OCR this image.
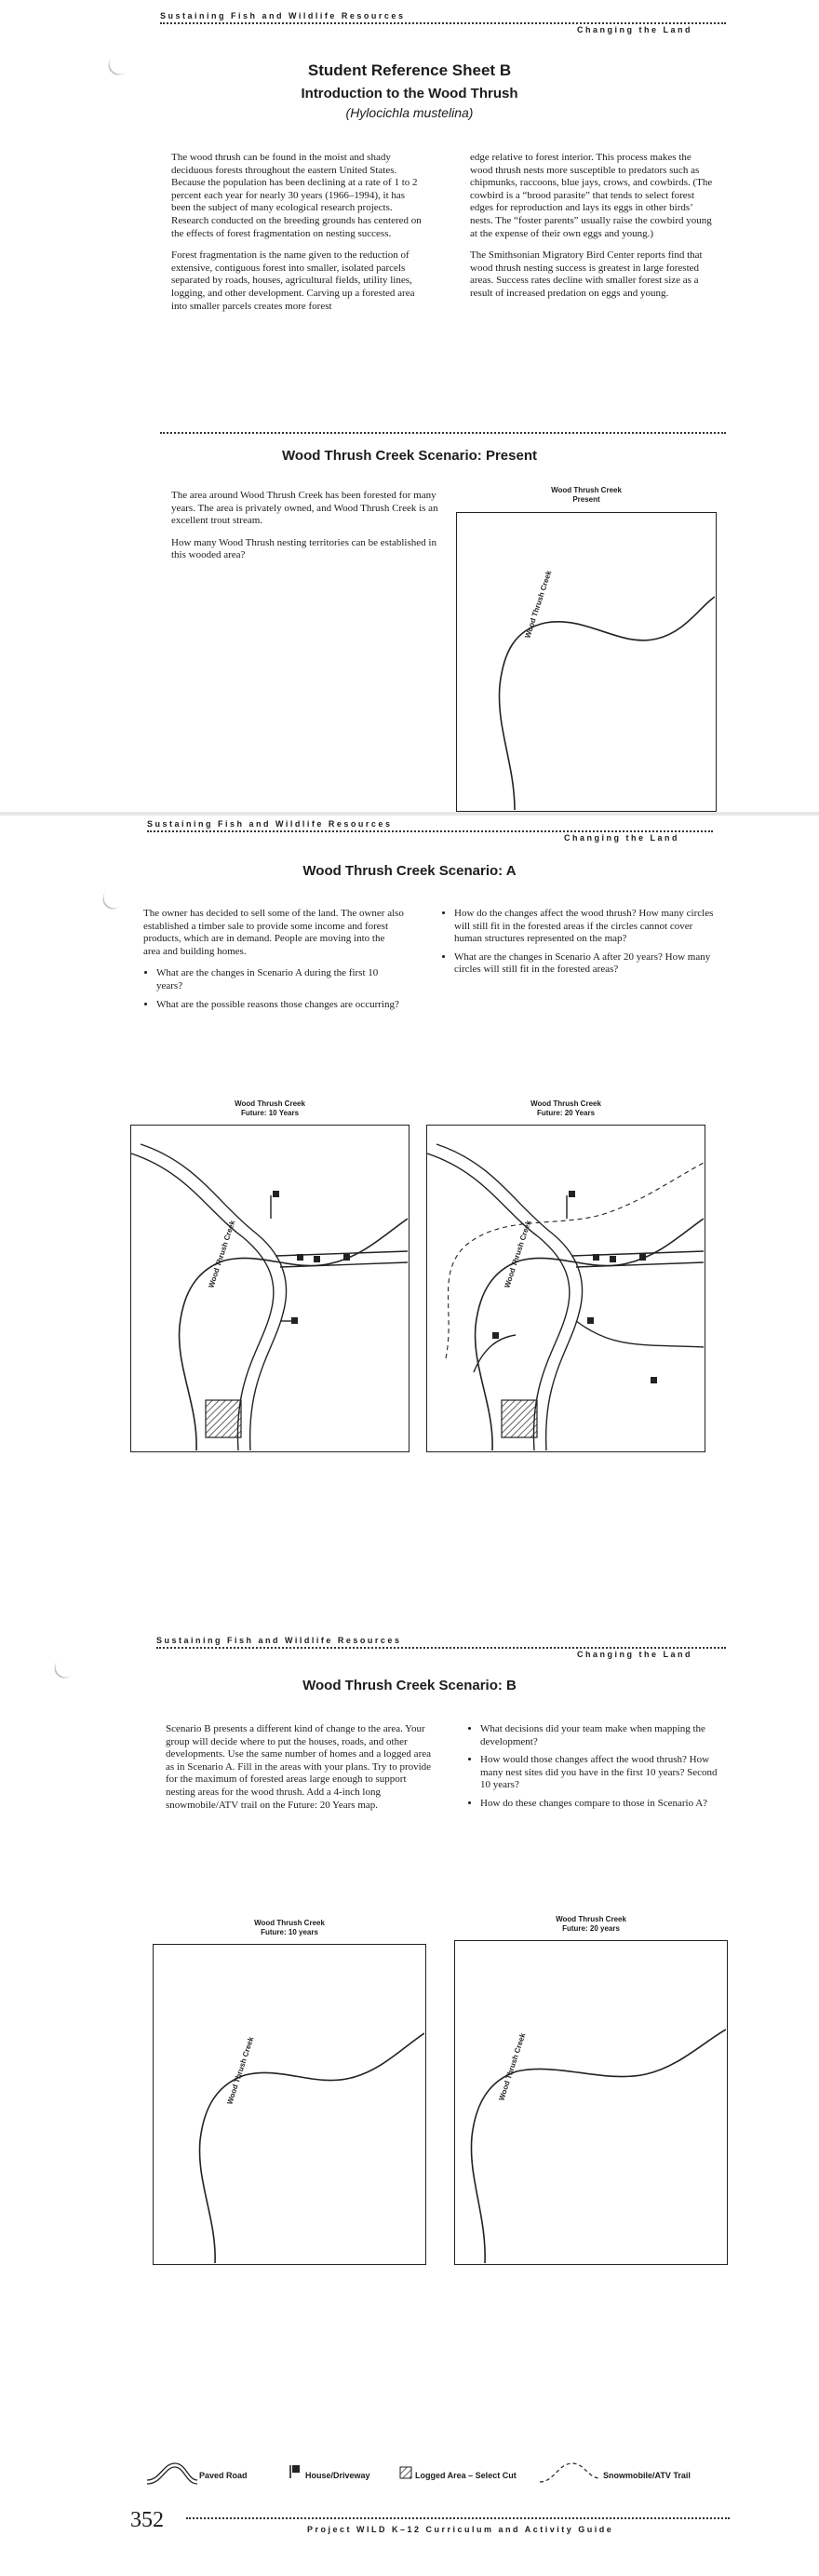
Sustaining Fish and Wildlife Resources
Changing the Land
Student Reference Sheet B
Introduction to the Wood Thrush
(Hylocichla mustelina)

The wood thrush can be found in the moist and shady deciduous forests throughout the eastern United States. Because the population has been declining at a rate of 1 to 2 percent each year for nearly 30 years (1966–1994), it has been the subject of many ecological research projects. Research conducted on the breeding grounds has centered on the effects of forest fragmentation on nesting success.

Forest fragmentation is the name given to the reduction of extensive, contiguous forest into smaller, isolated parcels separated by roads, houses, agricultural fields, utility lines, logging, and other development. Carving up a forested area into smaller parcels creates more forest

edge relative to forest interior. This process makes the wood thrush nests more susceptible to predators such as chipmunks, raccoons, blue jays, crows, and cowbirds. (The cowbird is a “brood parasite” that tends to select forest edges for reproduction and lays its eggs in other birds’ nests. The “foster parents” usually raise the cowbird young at the expense of their own eggs and young.)

The Smithsonian Migratory Bird Center reports find that wood thrush nesting success is greatest in large forested areas. Success rates decline with smaller forest size as a result of increased predation on eggs and young.

Wood Thrush Creek Scenario: Present

The area around Wood Thrush Creek has been forested for many years. The area is privately owned, and Wood Thrush Creek is an excellent trout stream.

How many Wood Thrush nesting territories can be established in this wooded area?

Wood Thrush Creek
Present
Wood Thrush Creek
Sustaining Fish and Wildlife Resources
Changing the Land
Wood Thrush Creek Scenario: A

The owner has decided to sell some of the land. The owner also established a timber sale to provide some income and forest products, which are in demand. People are moving into the area and building homes.

• What are the changes in Scenario A during the first 10 years?
• What are the possible reasons those changes are occurring?
• How do the changes affect the wood thrush? How many circles will still fit in the forested areas if the circles cannot cover human structures represented on the map?
• What are the changes in Scenario A after 20 years? How many circles will still fit in the forested areas?
Wood Thrush Creek
Future: 10 Years
Wood Thrush Creek
Wood Thrush Creek
Future: 20 Years
Wood Thrush Creek
Sustaining Fish and Wildlife Resources
Changing the Land
Wood Thrush Creek Scenario: B

Scenario B presents a different kind of change to the area. Your group will decide where to put the houses, roads, and other developments. Use the same number of homes and a logged area as in Scenario A. Fill in the areas with your plans. Try to provide for the maximum of forested areas large enough to support nesting areas for the wood thrush. Add a 4-inch long snowmobile/ATV trail on the Future: 20 Years map.

• What decisions did your team make when mapping the development?
• How would those changes affect the wood thrush? How many nest sites did you have in the first 10 years? Second 10 years?
• How do these changes compare to those in Scenario A?
Wood Thrush Creek
Future: 10 years
Wood Thrush Creek
Wood Thrush Creek
Future: 20 years
Wood Thrush Creek
Paved Road	House/Driveway	Logged Area – Select Cut	Snowmobile/ATV Trail
352	Project WILD K–12 Curriculum and Activity Guide
